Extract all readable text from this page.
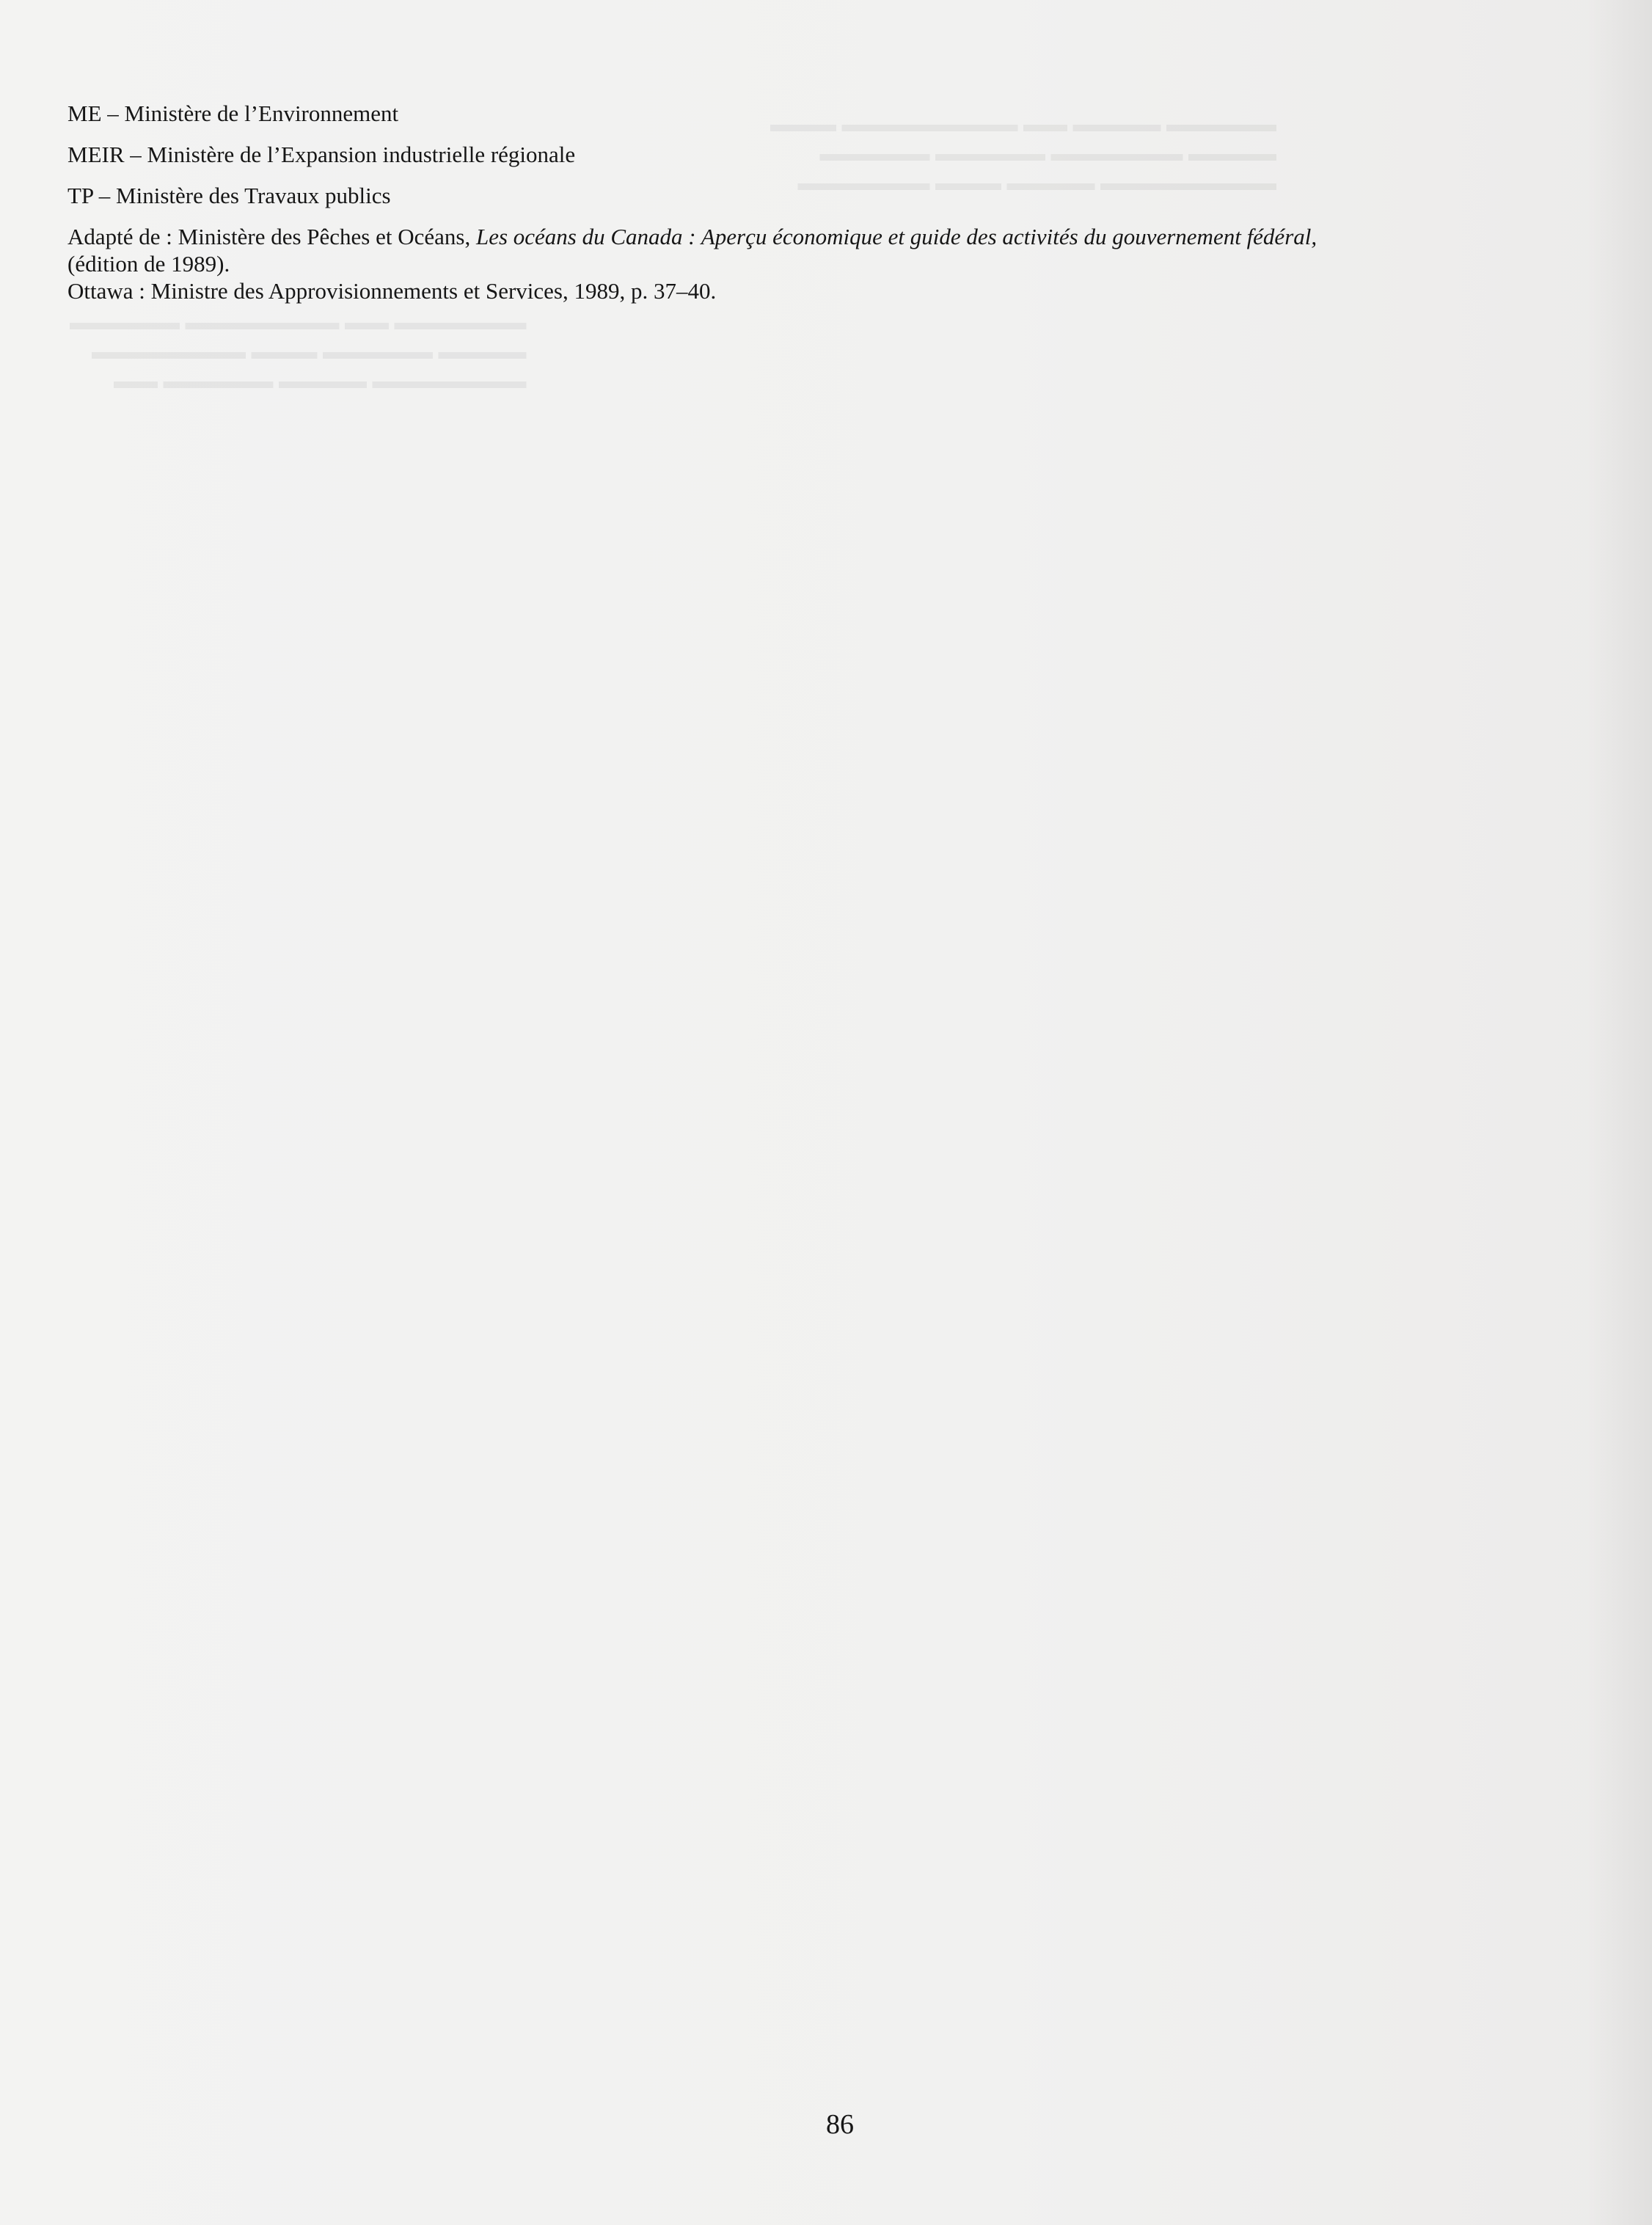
▬▬▬▬▬ ▬▬▬▬ ▬▬ ▬▬▬▬▬▬▬▬ ▬▬▬
▬▬▬▬ ▬▬▬▬▬▬ ▬▬▬▬▬ ▬▬▬▬▬
▬▬▬▬▬▬▬▬ ▬▬▬▬ ▬▬▬ ▬▬▬▬▬▬
▬▬▬▬▬▬ ▬▬ ▬▬▬▬▬▬▬ ▬▬▬▬▬
▬▬▬▬ ▬▬▬▬▬ ▬▬▬ ▬▬▬▬▬▬▬
▬▬▬▬▬▬▬ ▬▬▬▬ ▬▬▬▬▬ ▬▬

ME – Ministère de l’Environnement

MEIR – Ministère de l’Expansion industrielle régionale

TP – Ministère des Travaux publics

Adapté de : Ministère des Pêches et Océans, Les océans du Canada : Aperçu économique et guide des activités du gouvernement fédéral,

(édition de 1989).

Ottawa : Ministre des Approvisionnements et Services, 1989, p. 37–40.

86
